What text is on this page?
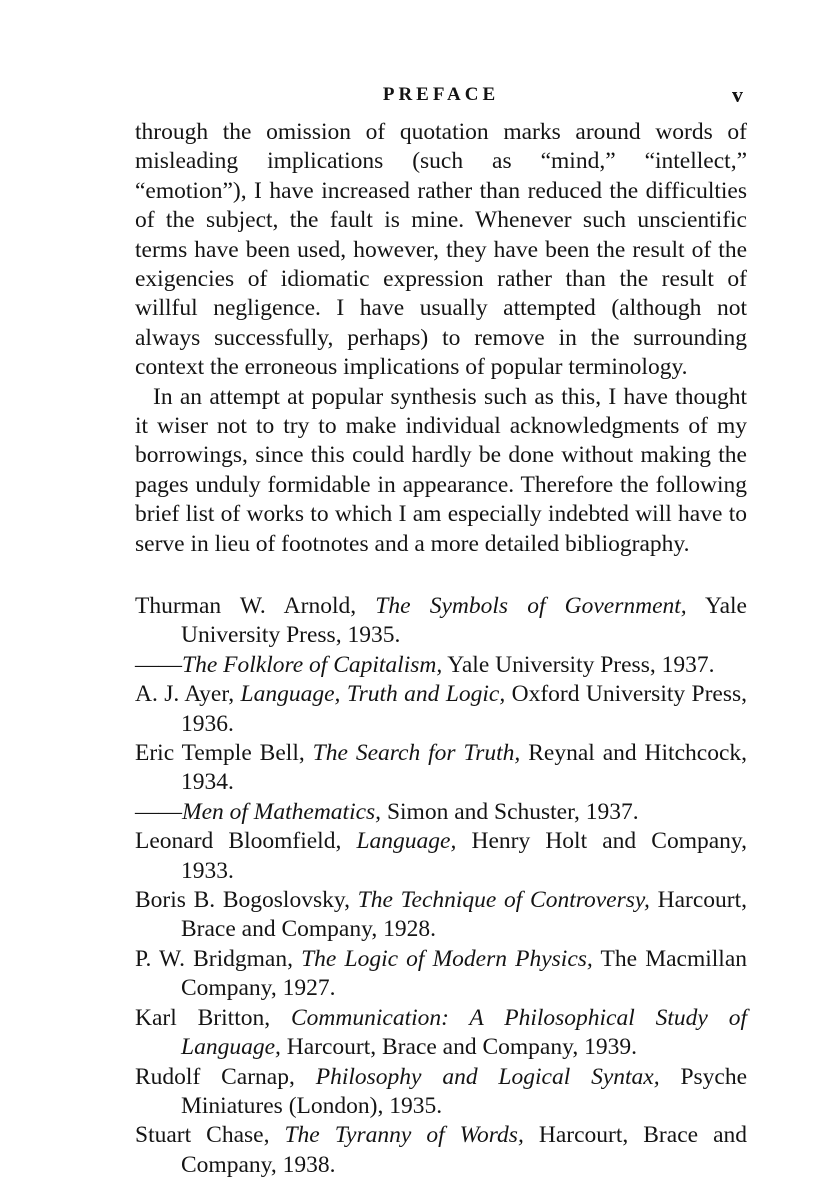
PREFACE	v

through the omission of quotation marks around words of misleading implications (such as “mind,” “intellect,” “emotion”), I have increased rather than reduced the difficulties of the subject, the fault is mine. Whenever such unscientific terms have been used, however, they have been the result of the exigencies of idiomatic expression rather than the result of willful negligence. I have usually attempted (although not always successfully, perhaps) to remove in the surrounding context the erroneous implications of popular terminology.

In an attempt at popular synthesis such as this, I have thought it wiser not to try to make individual acknowledgments of my borrowings, since this could hardly be done without making the pages unduly formidable in appearance. Therefore the following brief list of works to which I am especially indebted will have to serve in lieu of footnotes and a more detailed bibliography.

Thurman W. Arnold, The Symbols of Government, Yale University Press, 1935.
——The Folklore of Capitalism, Yale University Press, 1937.
A. J. Ayer, Language, Truth and Logic, Oxford University Press, 1936.
Eric Temple Bell, The Search for Truth, Reynal and Hitchcock, 1934.
——Men of Mathematics, Simon and Schuster, 1937.
Leonard Bloomfield, Language, Henry Holt and Company, 1933.
Boris B. Bogoslovsky, The Technique of Controversy, Harcourt, Brace and Company, 1928.
P. W. Bridgman, The Logic of Modern Physics, The Macmillan Company, 1927.
Karl Britton, Communication: A Philosophical Study of Language, Harcourt, Brace and Company, 1939.
Rudolf Carnap, Philosophy and Logical Syntax, Psyche Miniatures (London), 1935.
Stuart Chase, The Tyranny of Words, Harcourt, Brace and Company, 1938.
